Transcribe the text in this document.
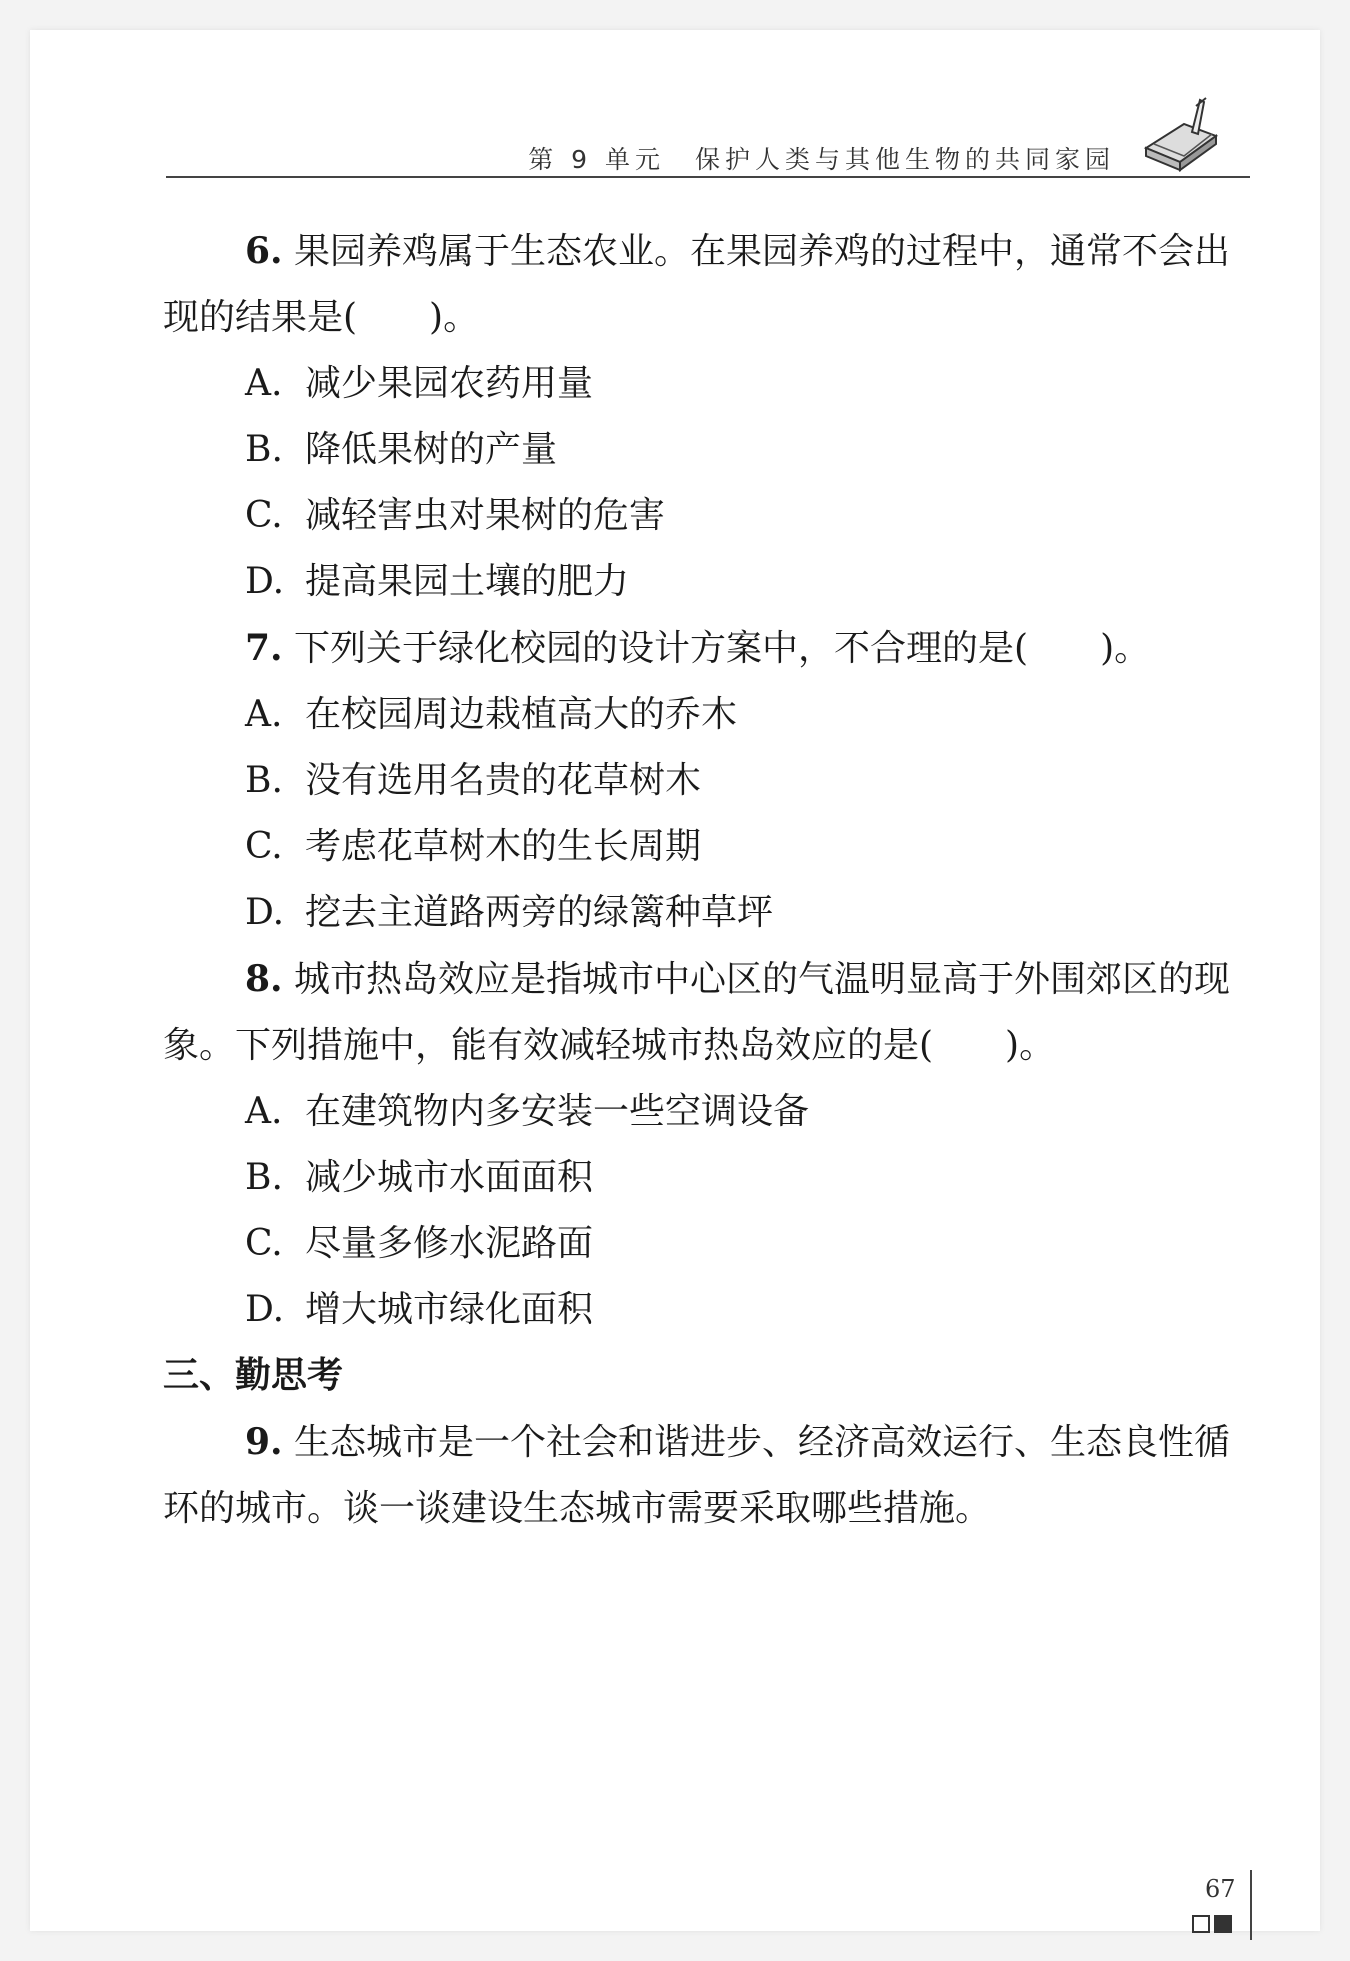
第 9 单元　保护人类与其他生物的共同家园

6. 果园养鸡属于生态农业。在果园养鸡的过程中，通常不会出现的结果是(　　)。

A. 减少果园农药用量

B. 降低果树的产量

C. 减轻害虫对果树的危害

D. 提高果园土壤的肥力

7. 下列关于绿化校园的设计方案中，不合理的是(　　)。

A. 在校园周边栽植高大的乔木

B. 没有选用名贵的花草树木

C. 考虑花草树木的生长周期

D. 挖去主道路两旁的绿篱种草坪

8. 城市热岛效应是指城市中心区的气温明显高于外围郊区的现象。下列措施中，能有效减轻城市热岛效应的是(　　)。

A. 在建筑物内多安装一些空调设备

B. 减少城市水面面积

C. 尽量多修水泥路面

D. 增大城市绿化面积

三、勤思考

9. 生态城市是一个社会和谐进步、经济高效运行、生态良性循环的城市。谈一谈建设生态城市需要采取哪些措施。

67
